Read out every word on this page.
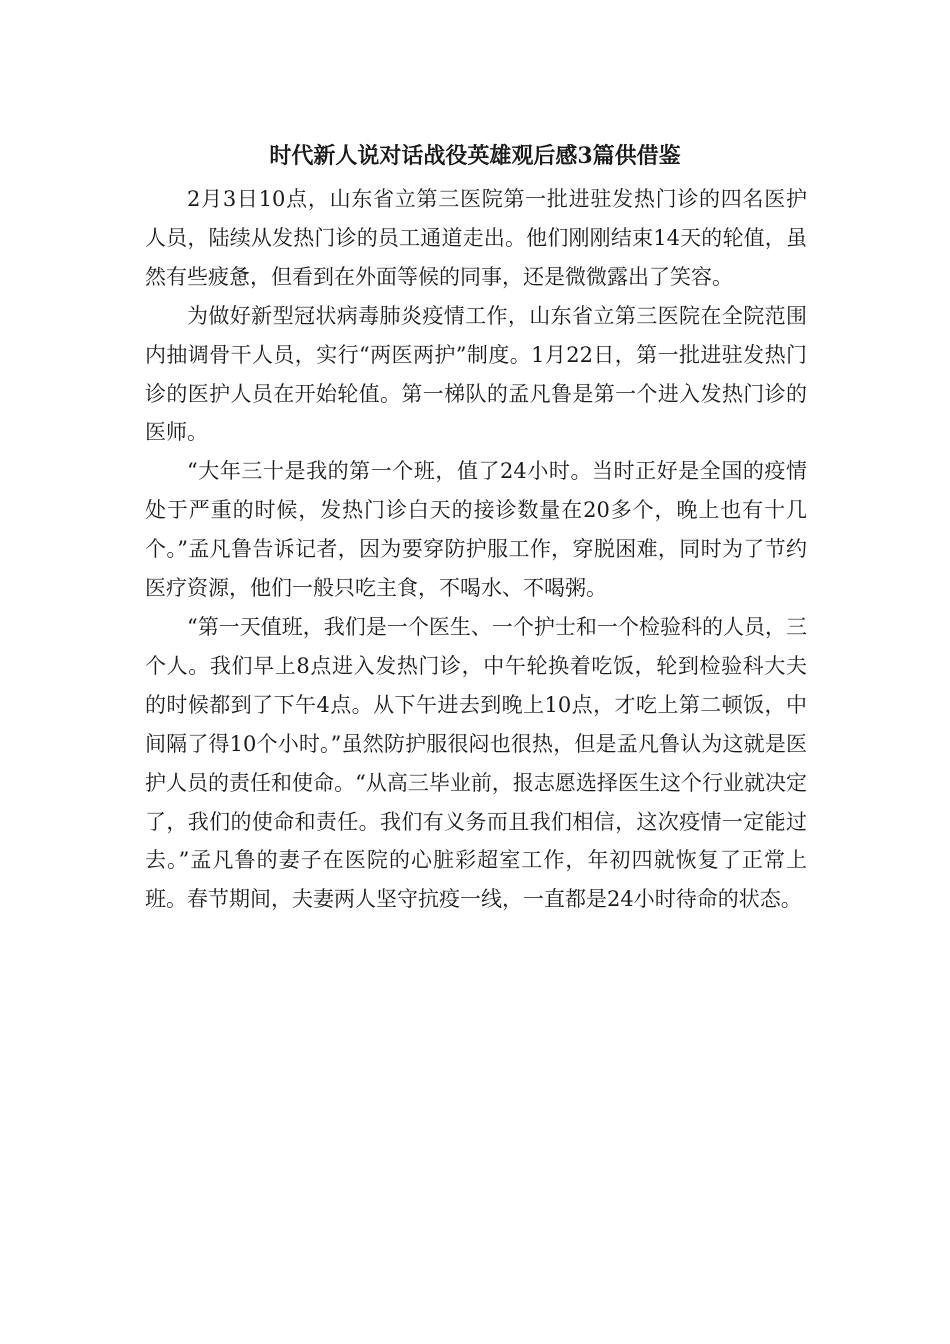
时代新人说对话战役英雄观后感3篇供借鉴

2月3日10点，山东省立第三医院第一批进驻发热门诊的四名医护人员，陆续从发热门诊的员工通道走出。他们刚刚结束14天的轮值，虽然有些疲惫，但看到在外面等候的同事，还是微微露出了笑容。

为做好新型冠状病毒肺炎疫情工作，山东省立第三医院在全院范围内抽调骨干人员，实行“两医两护”制度。1月22日，第一批进驻发热门诊的医护人员在开始轮值。第一梯队的孟凡鲁是第一个进入发热门诊的医师。

“大年三十是我的第一个班，值了24小时。当时正好是全国的疫情处于严重的时候，发热门诊白天的接诊数量在20多个，晚上也有十几个。”孟凡鲁告诉记者，因为要穿防护服工作，穿脱困难，同时为了节约医疗资源，他们一般只吃主食，不喝水、不喝粥。

“第一天值班，我们是一个医生、一个护士和一个检验科的人员，三个人。我们早上8点进入发热门诊，中午轮换着吃饭，轮到检验科大夫的时候都到了下午4点。从下午进去到晚上10点，才吃上第二顿饭，中间隔了得10个小时。”虽然防护服很闷也很热，但是孟凡鲁认为这就是医护人员的责任和使命。“从高三毕业前，报志愿选择医生这个行业就决定了，我们的使命和责任。我们有义务而且我们相信，这次疫情一定能过去。”孟凡鲁的妻子在医院的心脏彩超室工作，年初四就恢复了正常上班。春节期间，夫妻两人坚守抗疫一线，一直都是24小时待命的状态。
